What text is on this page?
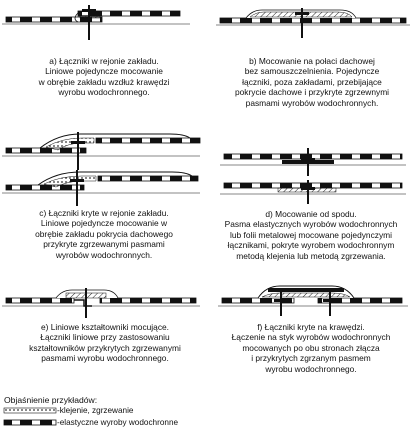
a) Łączniki w rejonie zakładu.
Liniowe pojedyncze mocowanie
w obrębie zakładu wzdłuż krawędzi
wyrobu wodochronnego.
b) Mocowanie na połaci dachowej
bez samouszczelnienia. Pojedyncze
łączniki, poza zakładami, przebijające
pokrycie dachowe i przykryte zgrzewnymi
pasmami wyrobów wodochronnych.
c) Łączniki kryte w rejonie zakładu.
Liniowe pojedyncze mocowanie w
obrębie zakładu pokrycia dachowego
przykryte zgrzewanymi pasmami
wyrobów wodochronnych.
d) Mocowanie od spodu.
Pasma elastycznych wyrobów wodochronnych
lub folii metalowej mocowane pojedynczymi
łącznikami, pokryte wyrobem wodochronnym
metodą klejenia lub metodą zgrzewania.
e) Liniowe kształtowniki mocujące.
Łączniki liniowe przy zastosowaniu
kształtowników przykrytych zgrzewanymi
pasmami wyrobu wodochronnego.
f) Łączniki kryte na krawędzi.
Łączenie na styk wyrobów wodochronnych
mocowanych po obu stronach złącza
i przykrytych zgrzanym pasmem
wyrobu wodochronnego.
Objaśnienie przykładów:
-klejenie, zgrzewanie
-elastyczne wyroby wodochronne
